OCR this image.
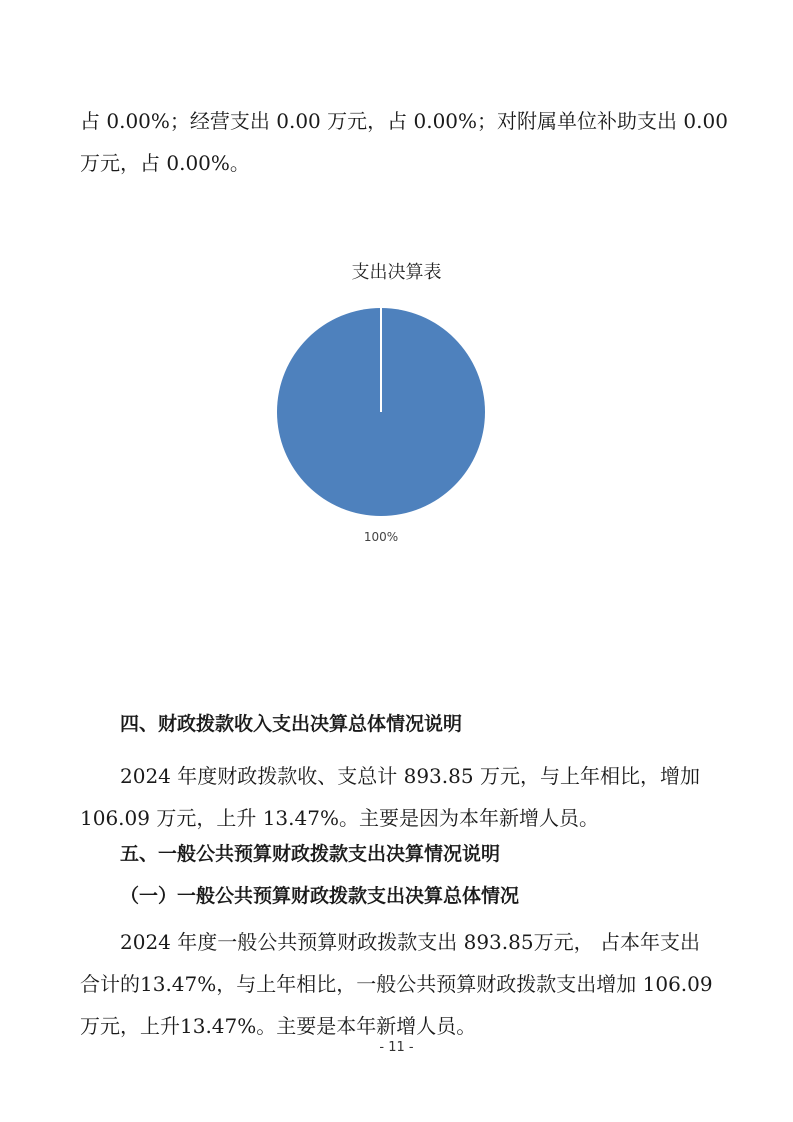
占 0.00%；经营支出 0.00 万元，占 0.00%；对附属单位补助支出 0.00
万元，占 0.00%。
支出决算表
100%
四、财政拨款收入支出决算总体情况说明
2024 年度财政拨款收、支总计 893.85 万元，与上年相比，增加
106.09 万元，上升 13.47%。主要是因为本年新增人员。
五、一般公共预算财政拨款支出决算情况说明
（一）一般公共预算财政拨款支出决算总体情况
2024 年度一般公共预算财政拨款支出 893.85万元， 占本年支出
合计的13.47%，与上年相比，一般公共预算财政拨款支出增加 106.09
万元，上升13.47%。主要是本年新增人员。
- 11 -
